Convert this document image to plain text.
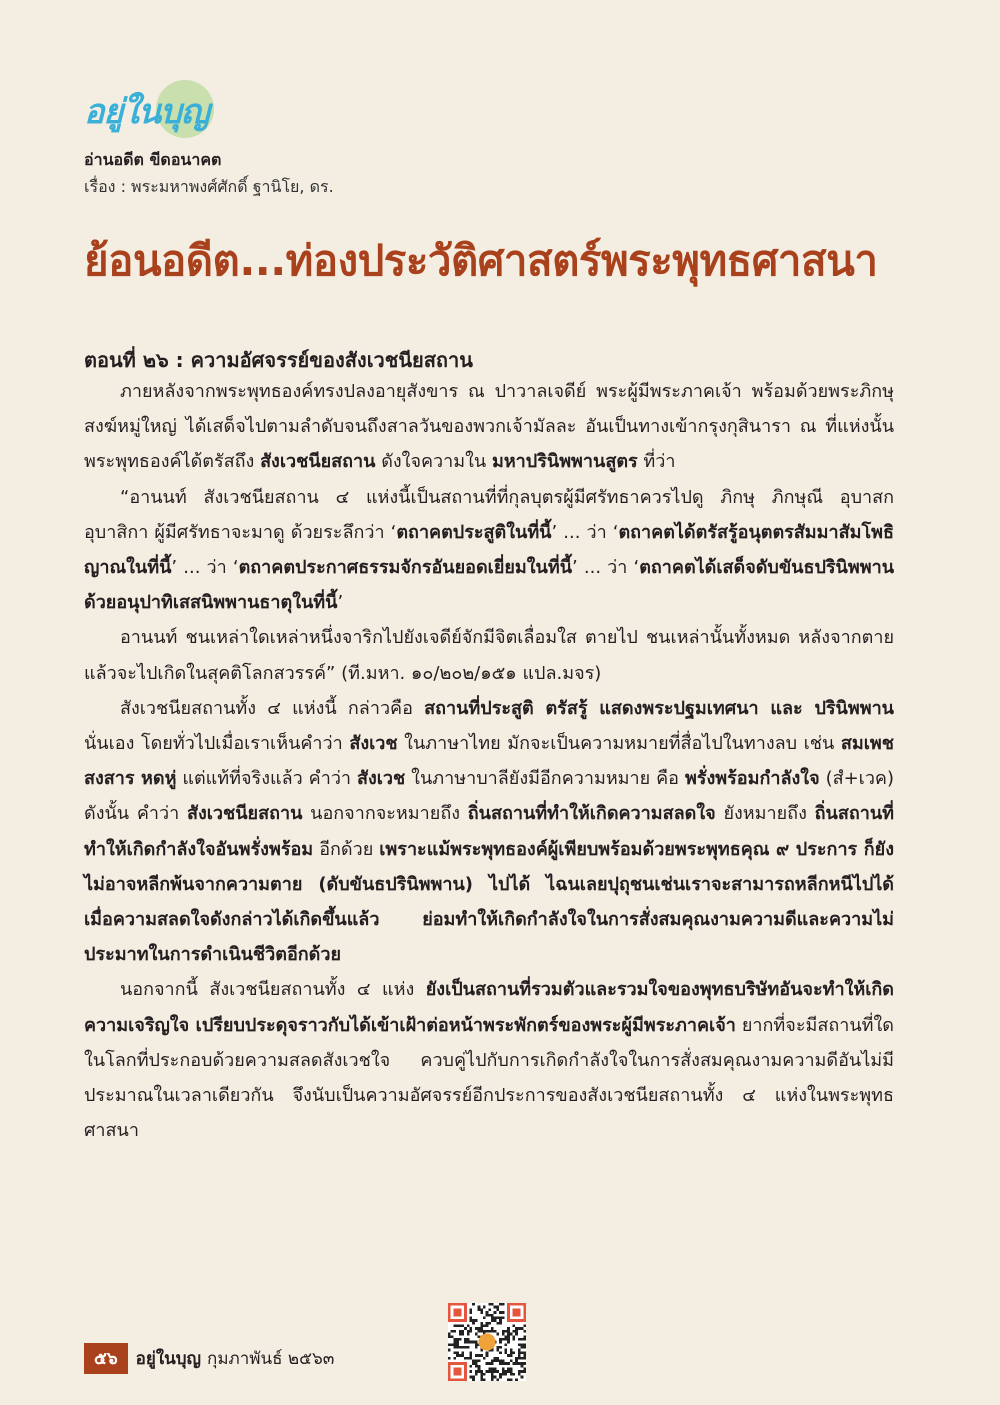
อยู่ในบุญ
อ่านอดีต ขีดอนาคต
เรื่อง : พระมหาพงศ์ศักดิ์ ฐานิโย, ดร.
ย้อนอดีต...ท่องประวัติศาสตร์พระพุทธศาสนา
ตอนที่ ๒๖ : ความอัศจรรย์ของสังเวชนียสถาน

ภายหลังจากพระพุทธองค์ทรงปลงอายุสังขาร ณ ปาวาลเจดีย์ พระผู้มีพระภาคเจ้า พร้อมด้วยพระภิกษุสงฆ์หมู่ใหญ่ ได้เสด็จไปตามลำดับจนถึงสาลวันของพวกเจ้ามัลละ อันเป็นทางเข้ากรุงกุสินารา ณ ที่แห่งนั้น พระพุทธองค์ได้ตรัสถึง สังเวชนียสถาน ดังใจความใน มหาปรินิพพานสูตร ที่ว่า

“อานนท์ สังเวชนียสถาน ๔ แห่งนี้เป็นสถานที่ที่กุลบุตรผู้มีศรัทธาควรไปดู ภิกษุ ภิกษุณี อุบาสก อุบาสิกา ผู้มีศรัทธาจะมาดู ด้วยระลึกว่า ‘ตถาคตประสูติในที่นี้’ ... ว่า ‘ตถาคตได้ตรัสรู้อนุตตรสัมมาสัมโพธิญาณในที่นี้’ ... ว่า ‘ตถาคตประกาศธรรมจักรอันยอดเยี่ยมในที่นี้’ ... ว่า ‘ตถาคตได้เสด็จดับขันธปรินิพพานด้วยอนุปาทิเสสนิพพานธาตุในที่นี้’

อานนท์ ชนเหล่าใดเหล่าหนึ่งจาริกไปยังเจดีย์จักมีจิตเลื่อมใส ตายไป ชนเหล่านั้นทั้งหมด หลังจากตายแล้วจะไปเกิดในสุคติโลกสวรรค์” (ที.มหา. ๑๐/๒๐๒/๑๕๑ แปล.มจร)

สังเวชนียสถานทั้ง ๔ แห่งนี้ กล่าวคือ สถานที่ประสูติ ตรัสรู้ แสดงพระปฐมเทศนา และ ปรินิพพาน นั่นเอง โดยทั่วไปเมื่อเราเห็นคำว่า สังเวช ในภาษาไทย มักจะเป็นความหมายที่สื่อไปในทางลบ เช่น สมเพช สงสาร หดหู่ แต่แท้ที่จริงแล้ว คำว่า สังเวช ในภาษาบาลียังมีอีกความหมาย คือ พรั่งพร้อมกำลังใจ (สํ+เวค) ดังนั้น คำว่า สังเวชนียสถาน นอกจากจะหมายถึง ถิ่นสถานที่ทำให้เกิดความสลดใจ ยังหมายถึง ถิ่นสถานที่ทำให้เกิดกำลังใจอันพรั่งพร้อม อีกด้วย เพราะแม้พระพุทธองค์ผู้เพียบพร้อมด้วยพระพุทธคุณ ๙ ประการ ก็ยังไม่อาจหลีกพ้นจากความตาย (ดับขันธปรินิพพาน) ไปได้ ไฉนเลยปุถุชนเช่นเราจะสามารถหลีกหนีไปได้ เมื่อความสลดใจดังกล่าวได้เกิดขึ้นแล้ว ย่อมทำให้เกิดกำลังใจในการสั่งสมคุณงามความดีและความไม่ประมาทในการดำเนินชีวิตอีกด้วย

นอกจากนี้ สังเวชนียสถานทั้ง ๔ แห่ง ยังเป็นสถานที่รวมตัวและรวมใจของพุทธบริษัทอันจะทำให้เกิดความเจริญใจ เปรียบประดุจราวกับได้เข้าเฝ้าต่อหน้าพระพักตร์ของพระผู้มีพระภาคเจ้า ยากที่จะมีสถานที่ใดในโลกที่ประกอบด้วยความสลดสังเวชใจ ควบคู่ไปกับการเกิดกำลังใจในการสั่งสมคุณงามความดีอันไม่มีประมาณในเวลาเดียวกัน จึงนับเป็นความอัศจรรย์อีกประการของสังเวชนียสถานทั้ง ๔ แห่งในพระพุทธศาสนา

๕๖	อยู่ในบุญ กุมภาพันธ์ ๒๕๖๓
